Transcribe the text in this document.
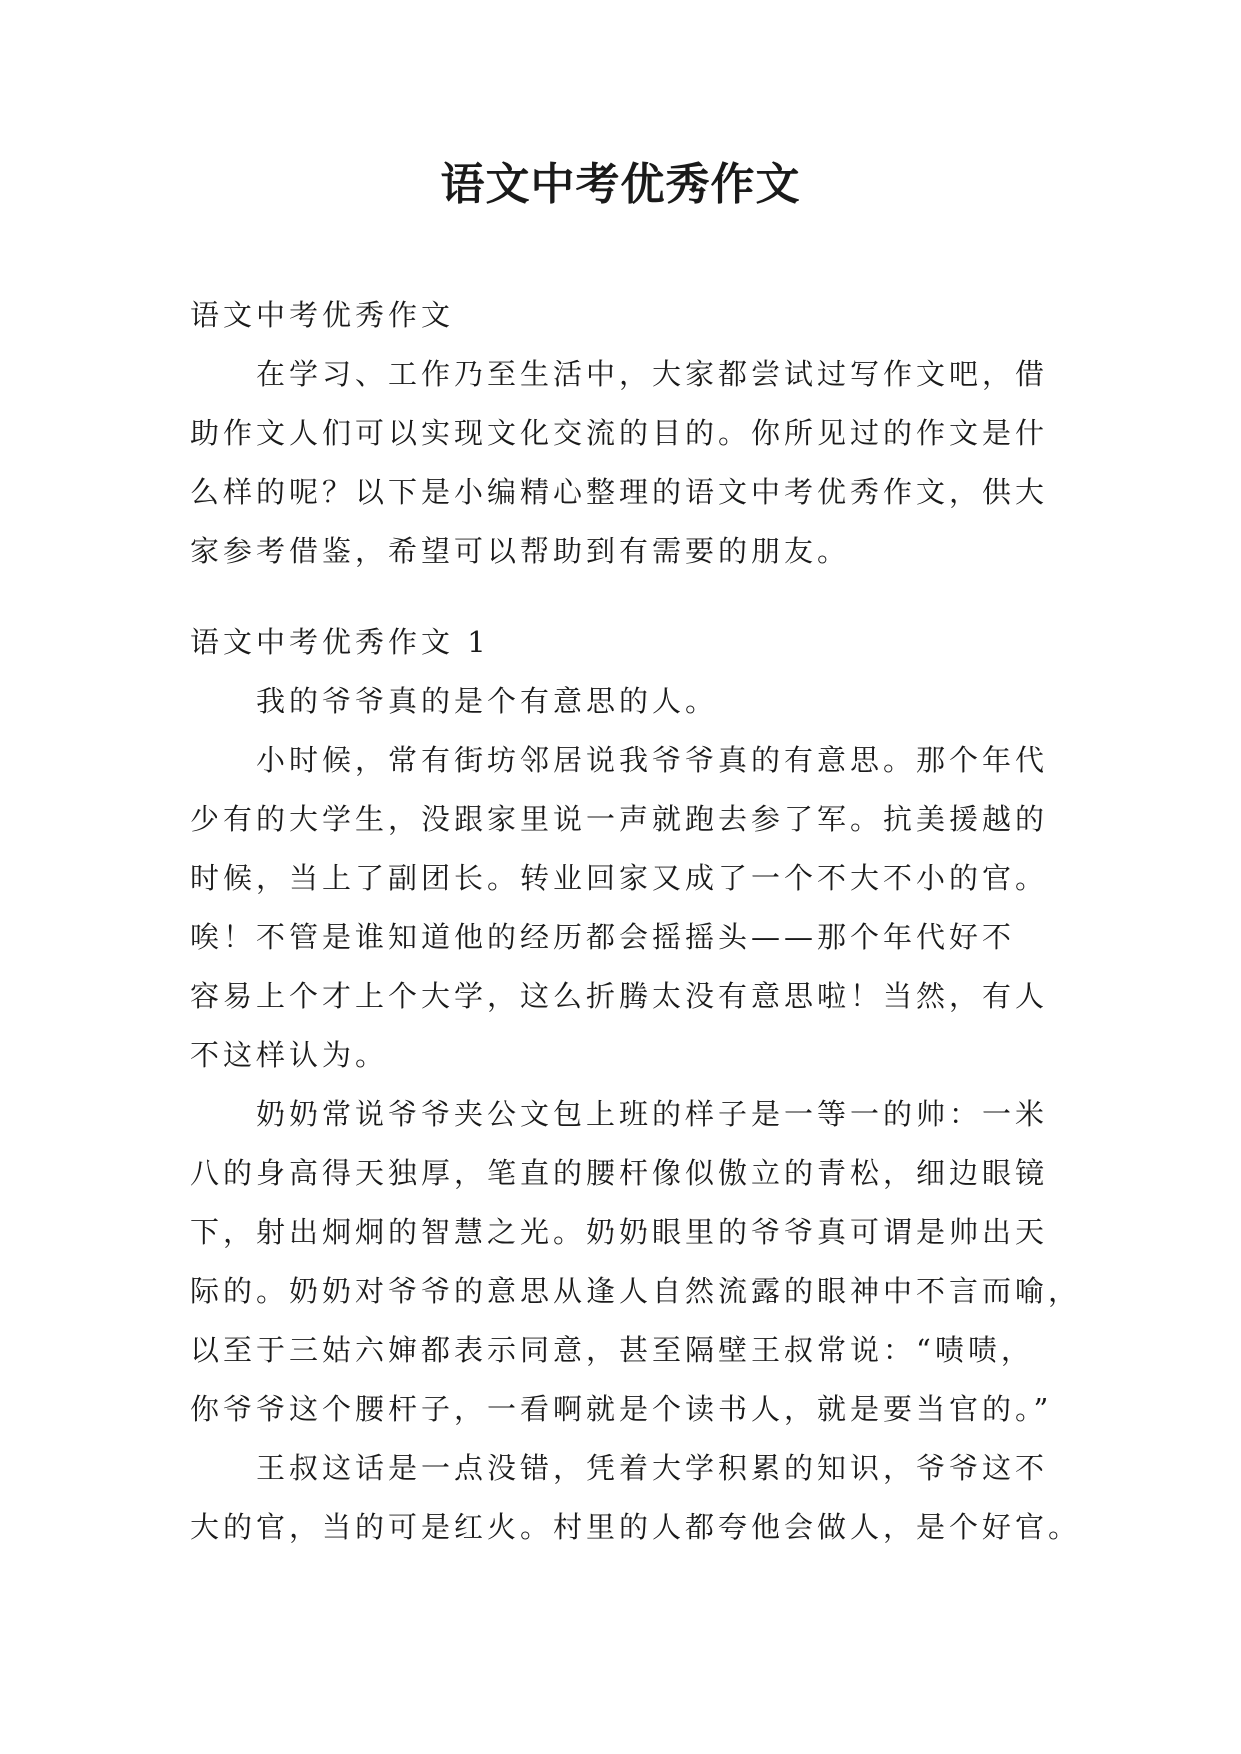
语文中考优秀作文
语文中考优秀作文
在学习、工作乃至生活中，大家都尝试过写作文吧，借
助作文人们可以实现文化交流的目的。你所见过的作文是什
么样的呢？以下是小编精心整理的语文中考优秀作文，供大
家参考借鉴，希望可以帮助到有需要的朋友。
语文中考优秀作文 1
我的爷爷真的是个有意思的人。
小时候，常有街坊邻居说我爷爷真的有意思。那个年代
少有的大学生，没跟家里说一声就跑去参了军。抗美援越的
时候，当上了副团长。转业回家又成了一个不大不小的官。
唉！不管是谁知道他的经历都会摇摇头——那个年代好不
容易上个才上个大学，这么折腾太没有意思啦！当然，有人
不这样认为。
奶奶常说爷爷夹公文包上班的样子是一等一的帅：一米
八的身高得天独厚，笔直的腰杆像似傲立的青松，细边眼镜
下，射出炯炯的智慧之光。奶奶眼里的爷爷真可谓是帅出天
际的。奶奶对爷爷的意思从逢人自然流露的眼神中不言而喻，
以至于三姑六婶都表示同意，甚至隔壁王叔常说：“啧啧，
你爷爷这个腰杆子，一看啊就是个读书人，就是要当官的。”
王叔这话是一点没错，凭着大学积累的知识，爷爷这不
大的官，当的可是红火。村里的人都夸他会做人，是个好官。
